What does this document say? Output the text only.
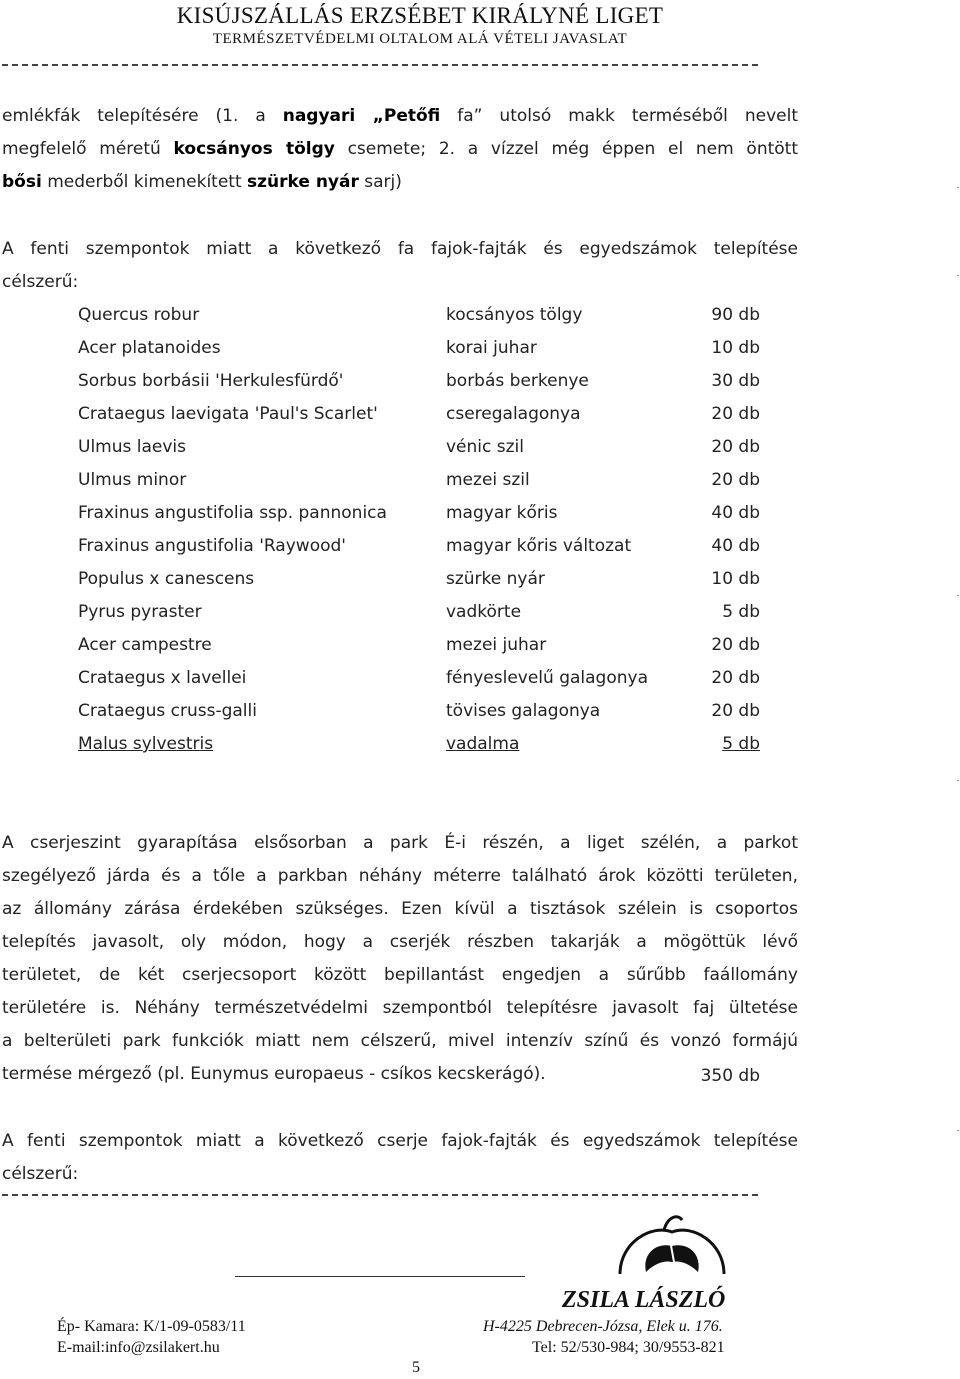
KISÚJSZÁLLÁS ERZSÉBET KIRÁLYNÉ LIGET
TERMÉSZETVÉDELMI OLTALOM ALÁ VÉTELI JAVASLAT
emlékfák telepítésére (1. a nagyari „Petőfi fa” utolsó makk terméséből nevelt
megfelelő méretű kocsányos tölgy csemete; 2. a vízzel még éppen el nem öntött
bősi mederből kimenekített szürke nyár sarj)
A fenti szempontok miatt a következő fa fajok-fajták és egyedszámok telepítése
célszerű:
Quercus robur	kocsányos tölgy	90 db
Acer platanoides	korai juhar	10 db
Sorbus borbásii 'Herkulesfürdő'	borbás berkenye	30 db
Crataegus laevigata 'Paul's Scarlet'	cseregalagonya	20 db
Ulmus laevis	vénic szil	20 db
Ulmus minor	mezei szil	20 db
Fraxinus angustifolia ssp. pannonica	magyar kőris	40 db
Fraxinus angustifolia 'Raywood'	magyar kőris változat	40 db
Populus x canescens	szürke nyár	10 db
Pyrus pyraster	vadkörte	5 db
Acer campestre	mezei juhar	20 db
Crataegus x lavellei	fényeslevelű galagonya	20 db
Crataegus cruss-galli	tövises galagonya	20 db
Malus sylvestris	vadalma	5 db
350 db
A cserjeszint gyarapítása elsősorban a park É-i részén, a liget szélén, a parkot
szegélyező járda és a tőle a parkban néhány méterre található árok közötti területen,
az állomány zárása érdekében szükséges. Ezen kívül a tisztások szélein is csoportos
telepítés javasolt, oly módon, hogy a cserjék részben takarják a mögöttük lévő
területet, de két cserjecsoport között bepillantást engedjen a sűrűbb faállomány
területére is. Néhány természetvédelmi szempontból telepítésre javasolt faj ültetése
a belterületi park funkciók miatt nem célszerű, mivel intenzív színű és vonzó formájú
termése mérgező (pl. Eunymus europaeus - csíkos kecskerágó).
A fenti szempontok miatt a következő cserje fajok-fajták és egyedszámok telepítése
célszerű:
Ép- Kamara: K/1-09-0583/11
E-mail:info@zsilakert.hu
5
ZSILA LÁSZLÓ
H-4225 Debrecen-Józsa, Elek u. 176.
Tel: 52/530-984; 30/9553-821
